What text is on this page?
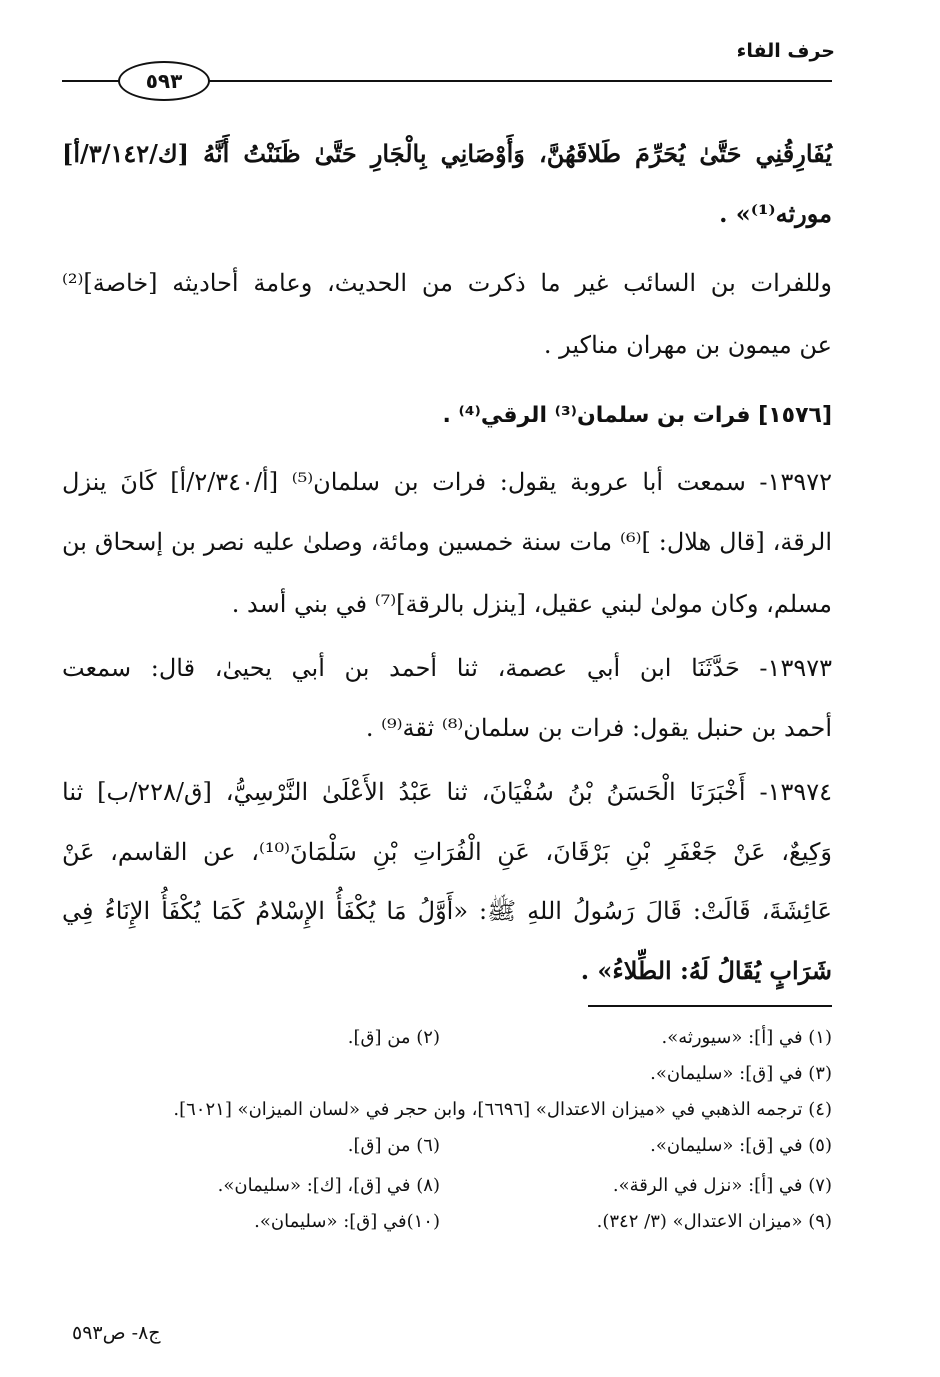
حرف الفاء
٥٩٣
يُفَارِقُنِي حَتَّىٰ يُحَرِّمَ طَلاقَهُنَّ، وَأَوْصَانِي بِالْجَارِ حَتَّىٰ ظَنَنْتُ أَنَّهُ [ك/٣/١٤٢/أ]
مورثه⁽¹⁾» .
وللفرات بن السائب غير ما ذكرت من الحديث، وعامة أحاديثه [خاصة]⁽²⁾
عن ميمون بن مهران مناكير .
[١٥٧٦] فرات بن سلمان⁽³⁾ الرقي⁽⁴⁾ .
١٣٩٧٢- سمعت أبا عروبة يقول: فرات بن سلمان⁽⁵⁾ [أ/٢/٣٤٠/أ] كَانَ ينزل
الرقة، [قال هلال: ]⁽⁶⁾ مات سنة خمسين ومائة، وصلىٰ عليه نصر بن إسحاق بن
مسلم، وكان مولىٰ لبني عقيل، [ينزل بالرقة]⁽⁷⁾ في بني أسد .
١٣٩٧٣- حَدَّثَنَا ابن أبي عصمة، ثنا أحمد بن أبي يحيىٰ، قال: سمعت
أحمد بن حنبل يقول: فرات بن سلمان⁽⁸⁾ ثقة⁽⁹⁾ .
١٣٩٧٤- أَخْبَرَنَا الْحَسَنُ بْنُ سُفْيَانَ، ثنا عَبْدُ الأَعْلَىٰ النَّرْسِيُّ، [ق/٢٢٨/ب] ثنا
وَكِيعٌ، عَنْ جَعْفَرِ بْنِ بَرْقَانَ، عَنِ الْفُرَاتِ بْنِ سَلْمَانَ⁽¹⁰⁾، عن القاسم، عَنْ
عَائِشَةَ، قَالَتْ: قَالَ رَسُولُ اللهِ ﷺ: «أَوَّلُ مَا يُكْفَأُ الإِسْلامُ كَمَا يُكْفَأُ الإِنَاءُ فِي
شَرَابٍ يُقَالُ لَهُ: الطِّلاءُ» .
(١) في [أ]: «سيورثه».
(٢) من [ق].
(٣) في [ق]: «سليمان».
(٤) ترجمه الذهبي في «ميزان الاعتدال» [٦٦٩٦]، وابن حجر في «لسان الميزان» [٦٠٢١].
(٥) في [ق]: «سليمان».
(٦) من [ق].
(٧) في [أ]: «نزل في الرقة».
(٨) في [ق]، [ك]: «سليمان».
(٩) «ميزان الاعتدال» (٣/ ٣٤٢).
(١٠)في [ق]: «سليمان».
ج٨- ص٥٩٣
